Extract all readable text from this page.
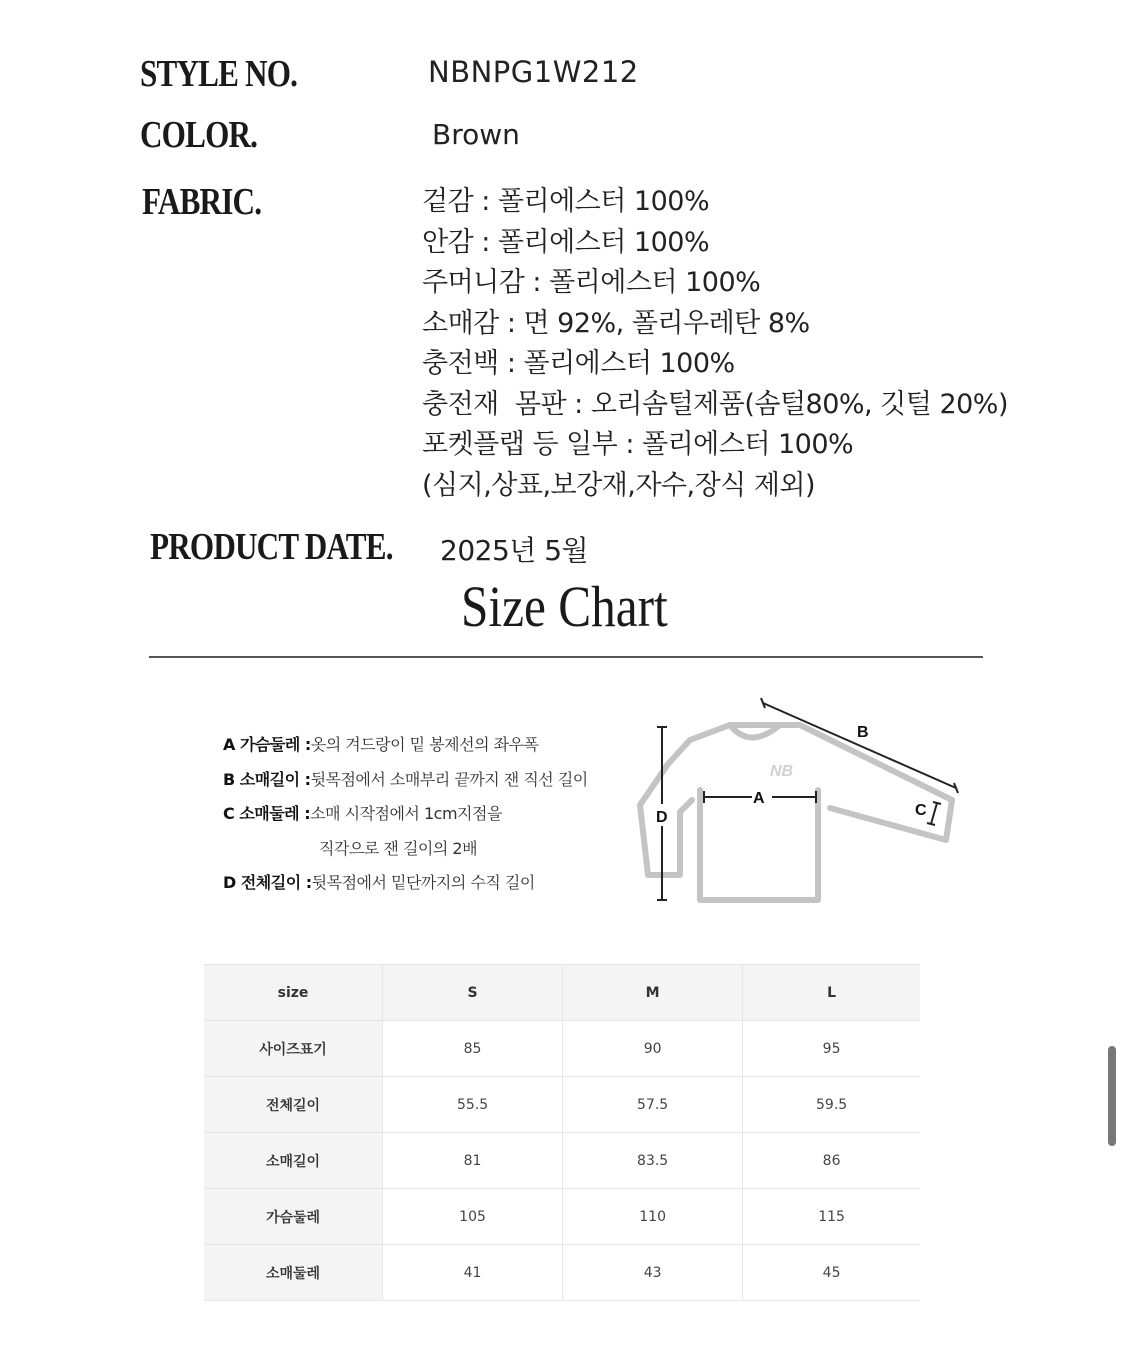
STYLE NO.	NBNPG1W212
COLOR.	Brown
FABRIC.	겉감 : 폴리에스터 100%
안감 : 폴리에스터 100%
주머니감 : 폴리에스터 100%
소매감 : 면 92%, 폴리우레탄 8%
충전백 : 폴리에스터 100%
충전재  몸판 : 오리솜털제품(솜털80%, 깃털 20%)
포켓플랩 등 일부 : 폴리에스터 100%
(심지,상표,보강재,자수,장식 제외)
PRODUCT DATE. 2025년 5월
Size Chart
A 가슴둘레 :옷의 겨드랑이 밑 봉제선의 좌우폭
B 소매길이 :뒷목점에서 소매부리 끝까지 잰 직선 길이
C 소매둘레 :소매 시작점에서 1cm지점을
직각으로 잰 길이의 2배
D 전체길이 :뒷목점에서 밑단까지의 수직 길이
NB
D
A
B
C
size	S	M	L
사이즈표기	85	90	95
전체길이	55.5	57.5	59.5
소매길이	81	83.5	86
가슴둘레	105	110	115
소매둘레	41	43	45
